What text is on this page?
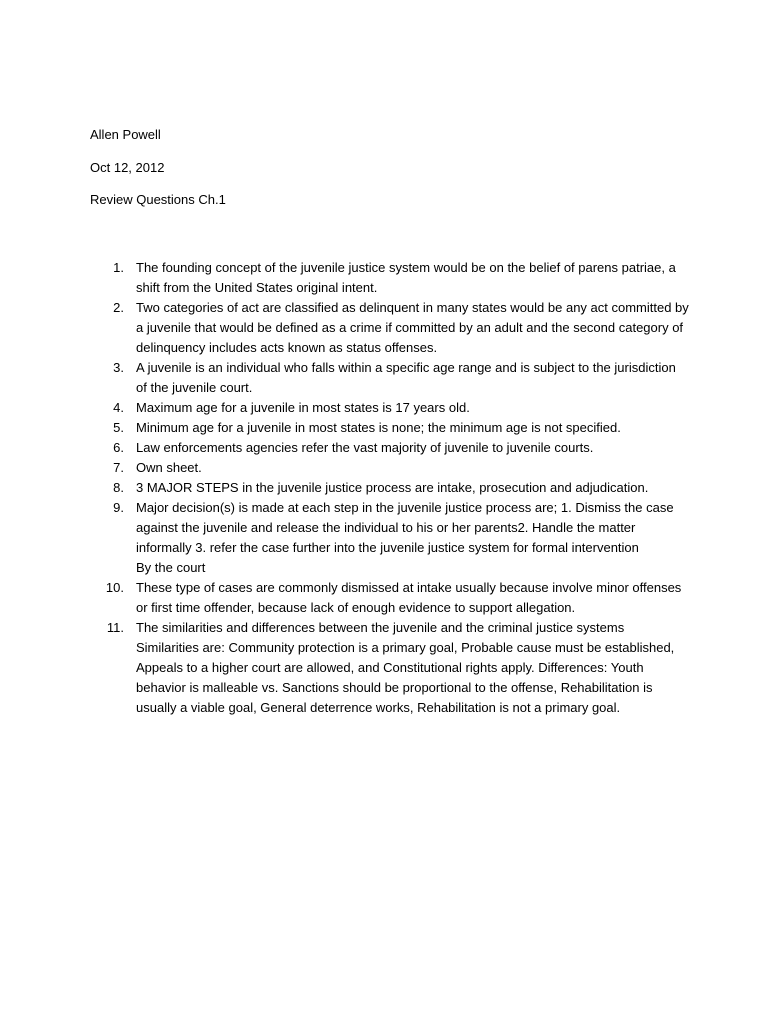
Allen Powell
Oct 12, 2012
Review Questions Ch.1
1. The founding concept of the juvenile justice system would be on the belief of parens patriae, a shift from the United States original intent.
2. Two categories of act are classified as delinquent in many states would be any act committed by a juvenile that would be defined as a crime if committed by an adult and the second category of delinquency includes acts known as status offenses.
3. A juvenile is an individual who falls within a specific age range and is subject to the jurisdiction of the juvenile court.
4. Maximum age for a juvenile in most states is 17 years old.
5. Minimum age for a juvenile in most states is none; the minimum age is not specified.
6. Law enforcements agencies refer the vast majority of juvenile to juvenile courts.
7. Own sheet.
8. 3 MAJOR STEPS in the juvenile justice process are intake, prosecution and adjudication.
9. Major decision(s) is made at each step in the juvenile justice process are; 1. Dismiss the case against the juvenile and release the individual to his or her parents2. Handle the matter informally 3. refer the case further into the juvenile justice system for formal intervention
By the court
10. These type of cases are commonly dismissed at intake usually because involve minor offenses or first time offender, because lack of enough evidence to support allegation.
11. The similarities and differences between the juvenile and the criminal justice systems
Similarities are: Community protection is a primary goal, Probable cause must be established, Appeals to a higher court are allowed, and Constitutional rights apply. Differences: Youth behavior is malleable vs. Sanctions should be proportional to the offense, Rehabilitation is usually a viable goal, General deterrence works, Rehabilitation is not a primary goal.
